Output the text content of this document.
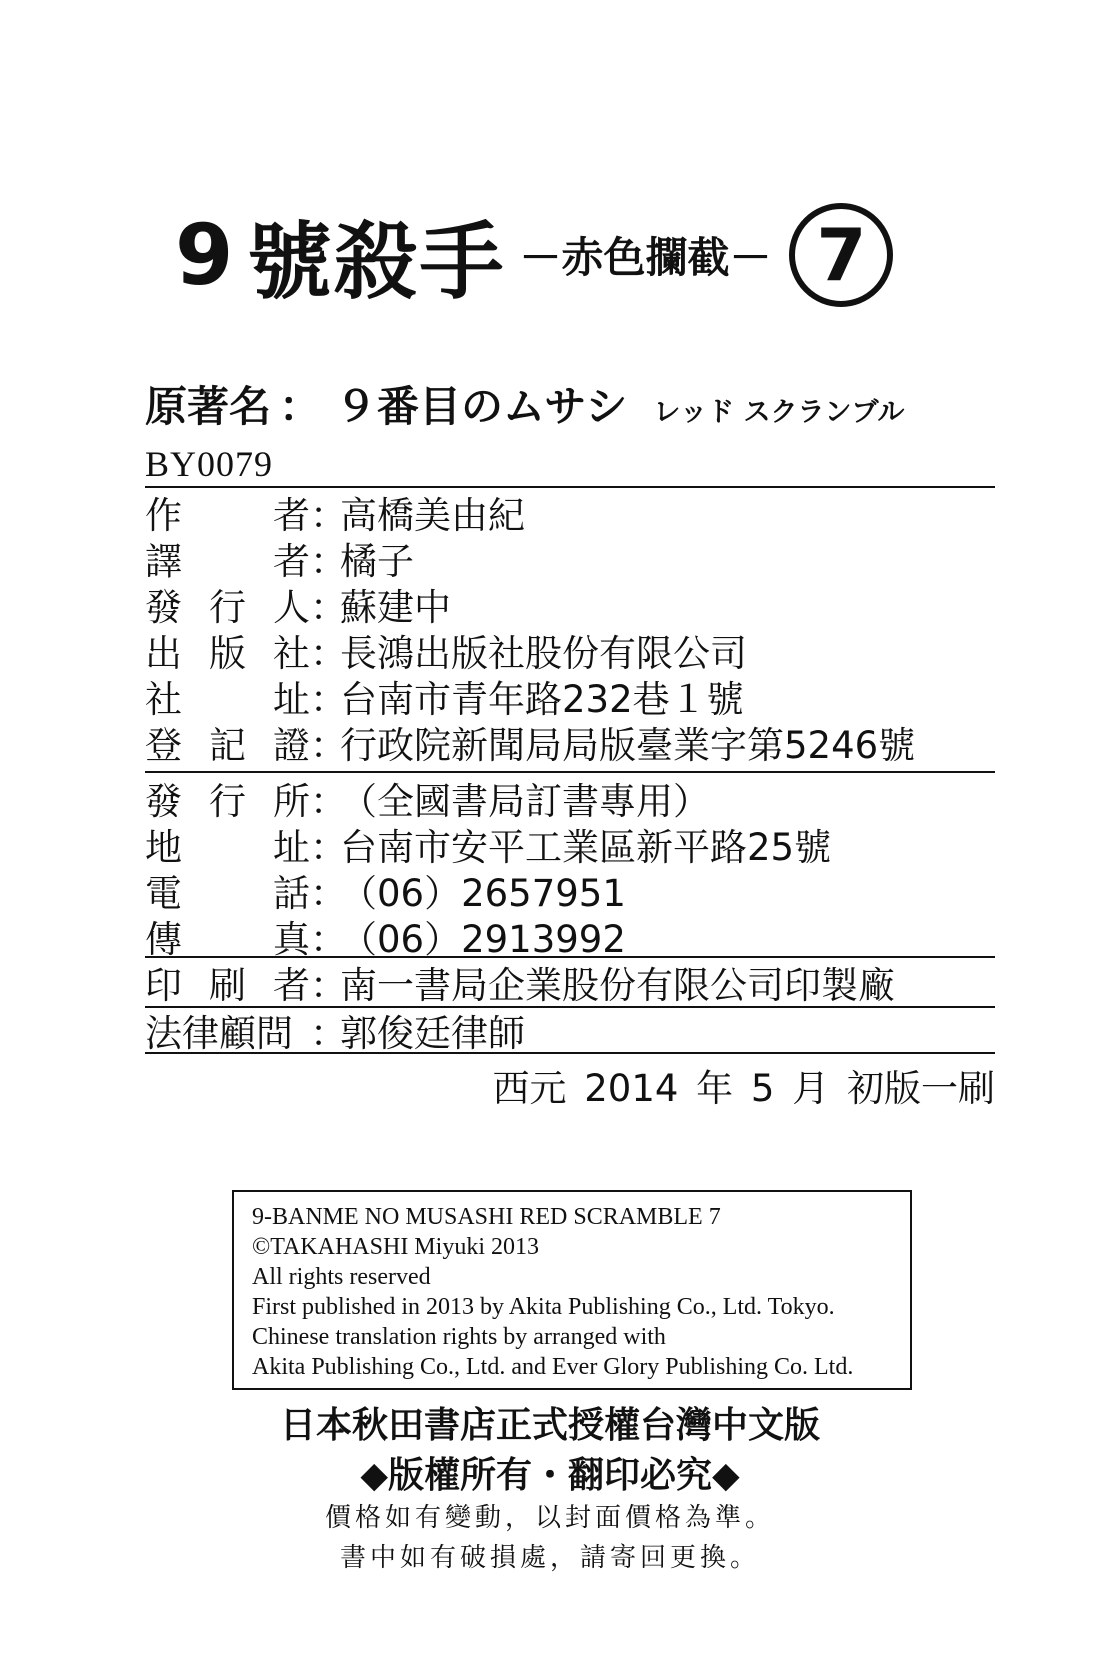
9 號殺手 －赤色攔截－ 7
原著名 ： ９番目のムサシ レッド スクランブル
BY0079
作 者 ：
高橋美由紀
譯 者 ：
橘子
發 行 人 ：
蘇建中
出 版 社 ：
長鴻出版社股份有限公司
社 址 ：
台南市青年路232巷１號
登 記 證 ：
行政院新聞局局版臺業字第5246號
發 行 所 ：
（全國書局訂書專用）
地 址 ：
台南市安平工業區新平路25號
電 話 ：
（06）2657951
傳 真 ：
（06）2913992
印 刷 者 ：
南一書局企業股份有限公司印製廠
法律顧問 ：
郭俊廷律師
西元 2014 年 5 月 初版一刷
9-BANME NO MUSASHI RED SCRAMBLE 7
©TAKAHASHI Miyuki 2013
All rights reserved
First published in 2013 by Akita Publishing Co., Ltd. Tokyo.
Chinese translation rights by arranged with
Akita Publishing Co., Ltd. and Ever Glory Publishing Co. Ltd.
日本秋田書店正式授權台灣中文版
◆版權所有・翻印必究◆
價格如有變動，以封面價格為準。
書中如有破損處，請寄回更換。
